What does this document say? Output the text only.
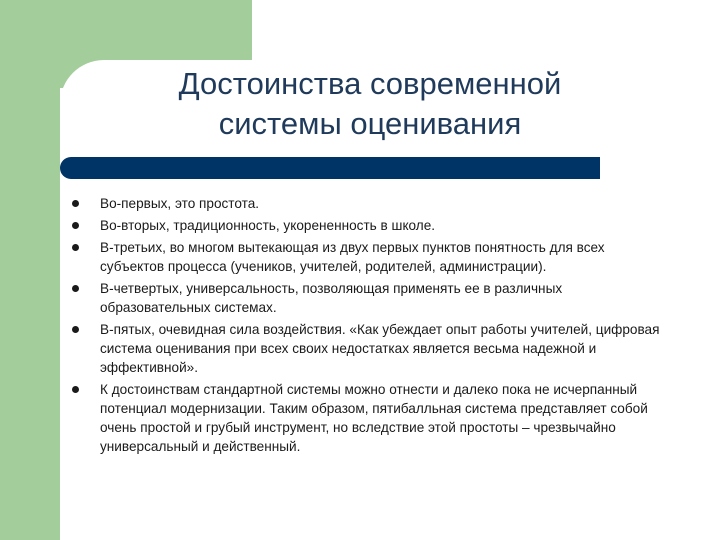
Достоинства современной
системы оценивания
Во-первых, это простота.
Во-вторых, традиционность, укорененность в школе.
В-третьих, во многом вытекающая из двух первых пунктов понятность для всех субъектов процесса (учеников, учителей, родителей, администрации).
В-четвертых, универсальность, позволяющая применять ее в различных образовательных системах.
В-пятых, очевидная сила воздействия. «Как убеждает опыт работы учителей, цифровая система оценивания при всех своих недостатках является весьма надежной и эффективной».
К достоинствам стандартной системы можно отнести и далеко пока не исчерпанный потенциал модернизации. Таким образом, пятибалльная система представляет собой очень простой и грубый инструмент, но вследствие этой простоты – чрезвычайно универсальный и действенный.
